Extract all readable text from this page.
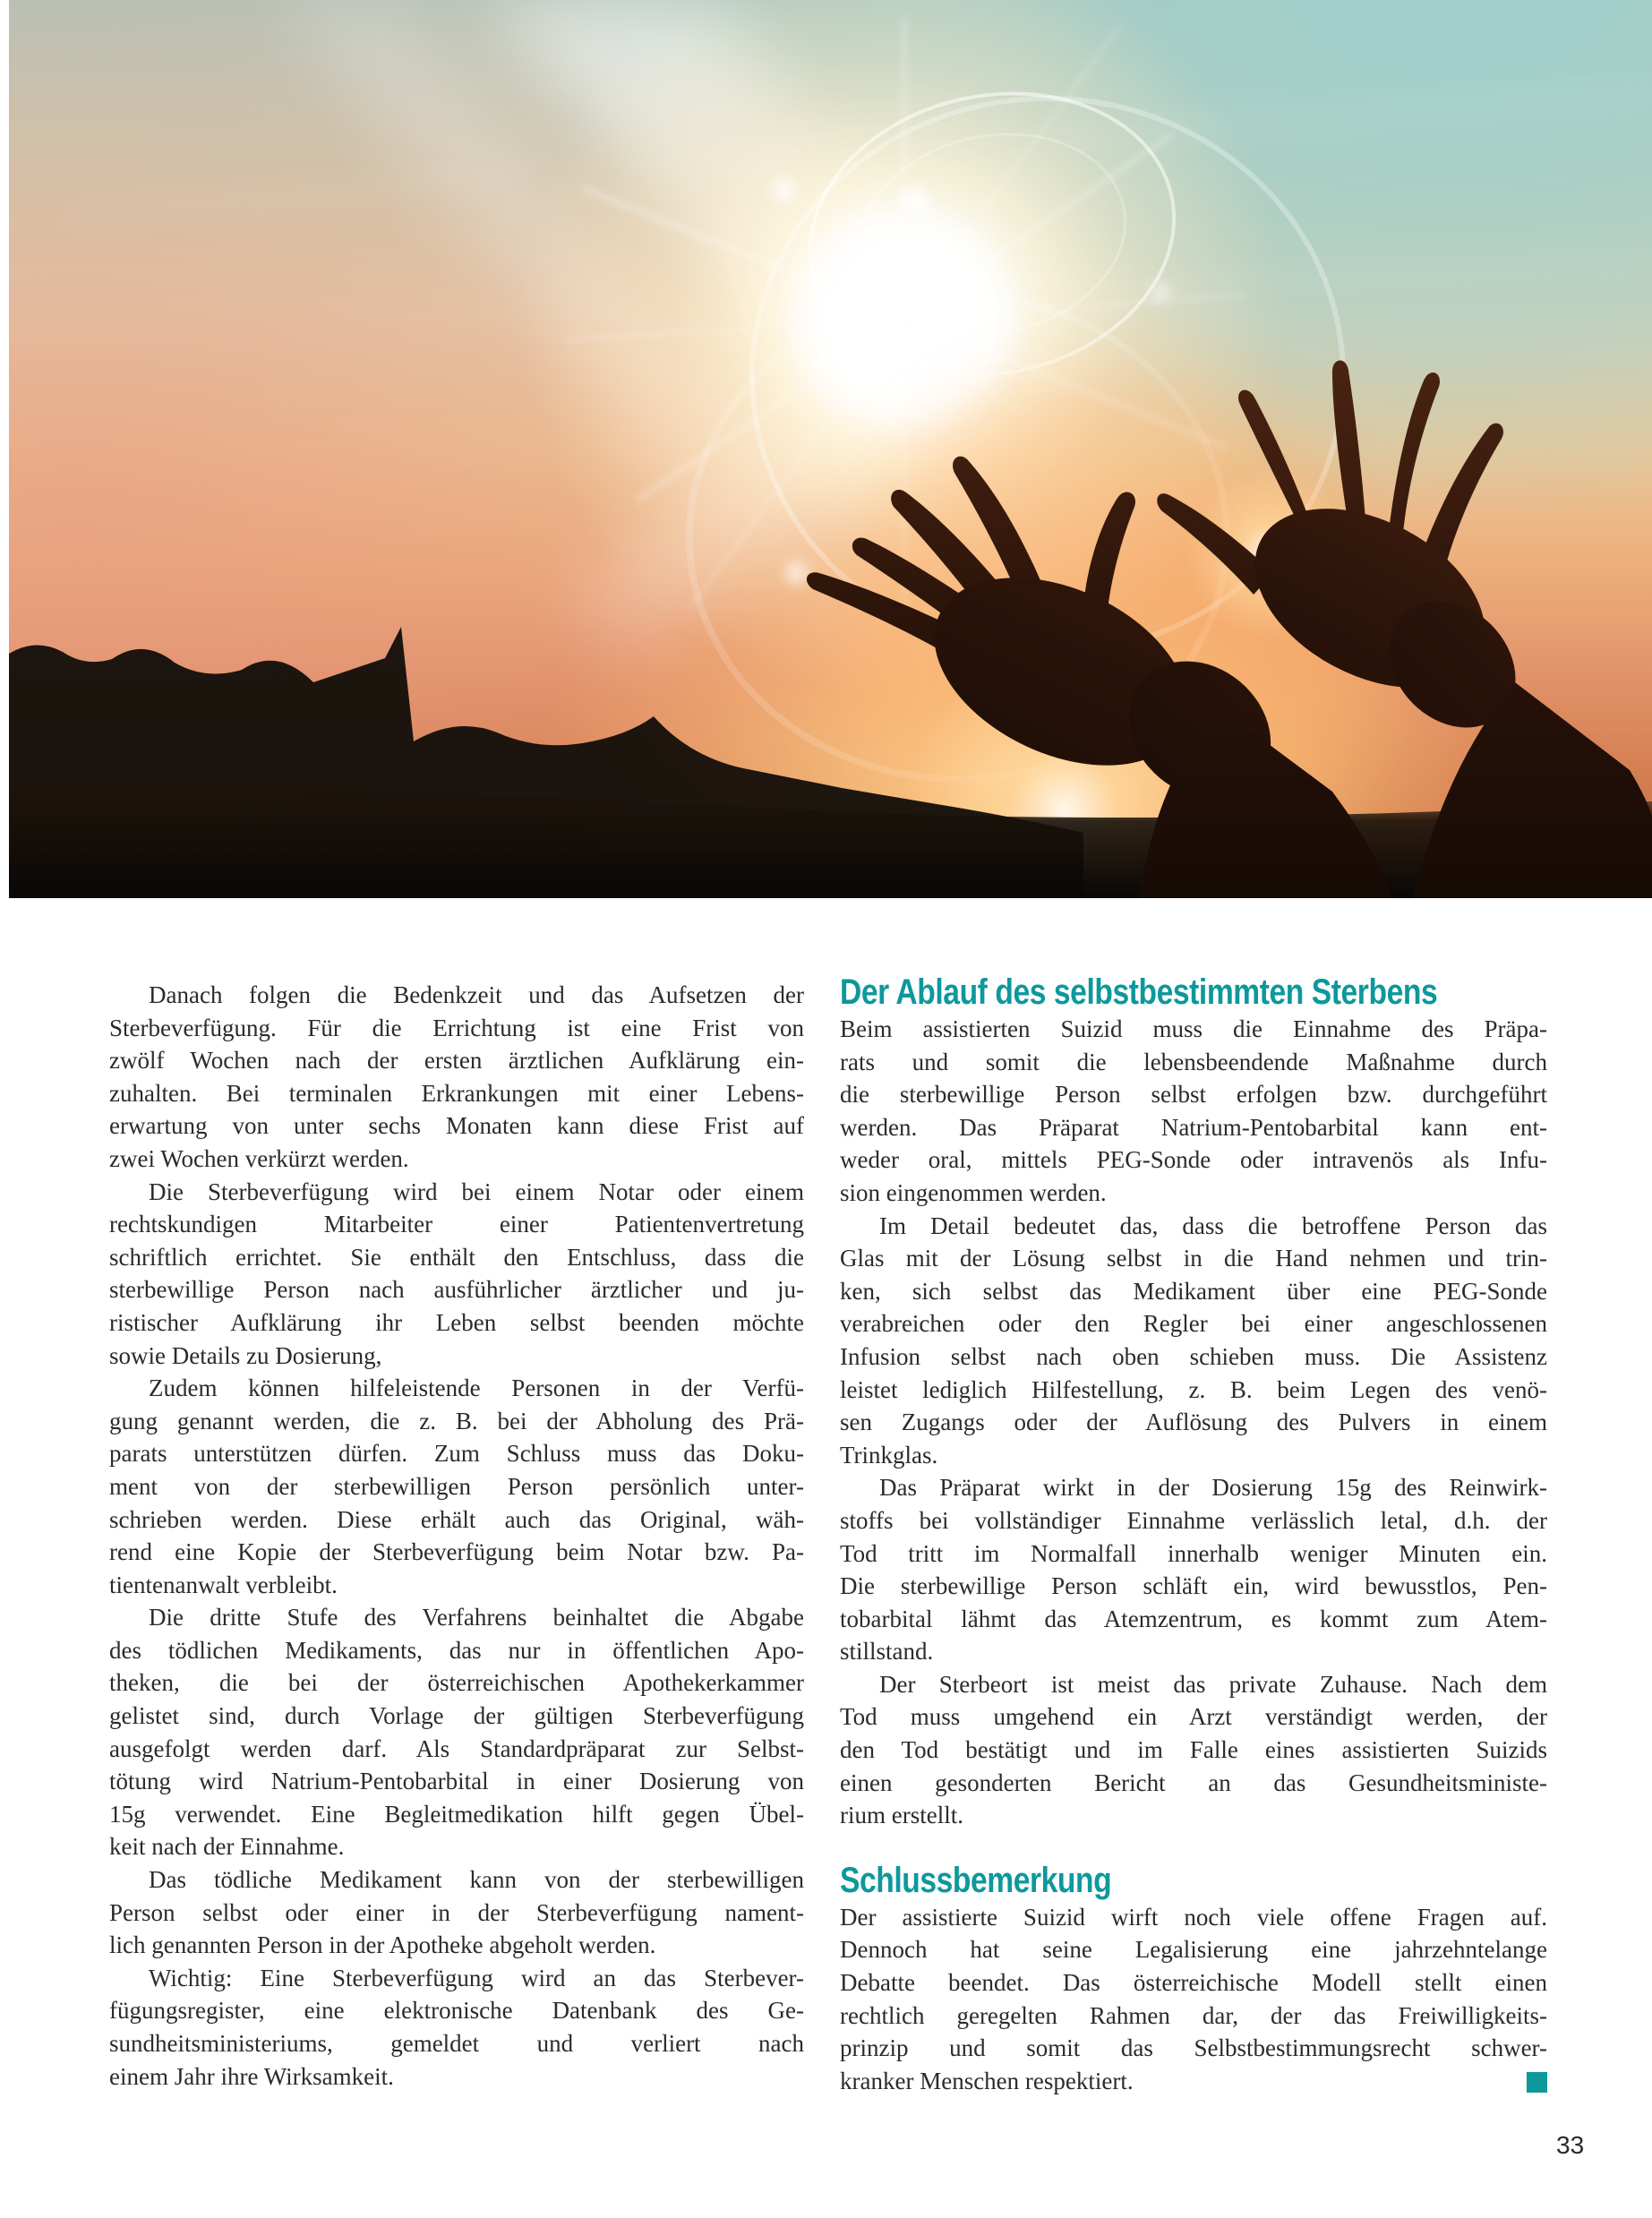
Danach folgen die Bedenkzeit und das Aufsetzen der
Sterbeverfügung. Für die Errichtung ist eine Frist von
zwölf Wochen nach der ersten ärztlichen Aufklärung ein-
zuhalten. Bei terminalen Erkrankungen mit einer Lebens-
erwartung von unter sechs Monaten kann diese Frist auf
zwei Wochen verkürzt werden.
Die Sterbeverfügung wird bei einem Notar oder einem
rechtskundigen Mitarbeiter einer Patientenvertretung
schriftlich errichtet. Sie enthält den Entschluss, dass die
sterbewillige Person nach ausführlicher ärztlicher und ju-
ristischer Aufklärung ihr Leben selbst beenden möchte
sowie Details zu Dosierung,
Zudem können hilfeleistende Personen in der Verfü-
gung genannt werden, die z. B. bei der Abholung des Prä-
parats unterstützen dürfen. Zum Schluss muss das Doku-
ment von der sterbewilligen Person persönlich unter-
schrieben werden. Diese erhält auch das Original, wäh-
rend eine Kopie der Sterbeverfügung beim Notar bzw. Pa-
tientenanwalt verbleibt.
Die dritte Stufe des Verfahrens beinhaltet die Abgabe
des tödlichen Medikaments, das nur in öffentlichen Apo-
theken, die bei der österreichischen Apothekerkammer
gelistet sind, durch Vorlage der gültigen Sterbeverfügung
ausgefolgt werden darf. Als Standardpräparat zur Selbst-
tötung wird Natrium-Pentobarbital in einer Dosierung von
15g verwendet. Eine Begleitmedikation hilft gegen Übel-
keit nach der Einnahme.
Das tödliche Medikament kann von der sterbewilligen
Person selbst oder einer in der Sterbeverfügung nament-
lich genannten Person in der Apotheke abgeholt werden.
Wichtig: Eine Sterbeverfügung wird an das Sterbever-
fügungsregister, eine elektronische Datenbank des Ge-
sundheitsministeriums, gemeldet und verliert nach
einem Jahr ihre Wirksamkeit.
Der Ablauf des selbstbestimmten Sterbens
Beim assistierten Suizid muss die Einnahme des Präpa-
rats und somit die lebensbeendende Maßnahme durch
die sterbewillige Person selbst erfolgen bzw. durchgeführt
werden. Das Präparat Natrium-Pentobarbital kann ent-
weder oral, mittels PEG-Sonde oder intravenös als Infu-
sion eingenommen werden.
Im Detail bedeutet das, dass die betroffene Person das
Glas mit der Lösung selbst in die Hand nehmen und trin-
ken, sich selbst das Medikament über eine PEG-Sonde
verabreichen oder den Regler bei einer angeschlossenen
Infusion selbst nach oben schieben muss. Die Assistenz
leistet lediglich Hilfestellung, z. B. beim Legen des venö-
sen Zugangs oder der Auflösung des Pulvers in einem
Trinkglas.
Das Präparat wirkt in der Dosierung 15g des Reinwirk-
stoffs bei vollständiger Einnahme verlässlich letal, d.h. der
Tod tritt im Normalfall innerhalb weniger Minuten ein.
Die sterbewillige Person schläft ein, wird bewusstlos, Pen-
tobarbital lähmt das Atemzentrum, es kommt zum Atem-
stillstand.
Der Sterbeort ist meist das private Zuhause. Nach dem
Tod muss umgehend ein Arzt verständigt werden, der
den Tod bestätigt und im Falle eines assistierten Suizids
einen gesonderten Bericht an das Gesundheitsministe-
rium erstellt.
Schlussbemerkung
Der assistierte Suizid wirft noch viele offene Fragen auf.
Dennoch hat seine Legalisierung eine jahrzehntelange
Debatte beendet. Das österreichische Modell stellt einen
rechtlich geregelten Rahmen dar, der das Freiwilligkeits-
prinzip und somit das Selbstbestimmungsrecht schwer-
kranker Menschen respektiert.
33
